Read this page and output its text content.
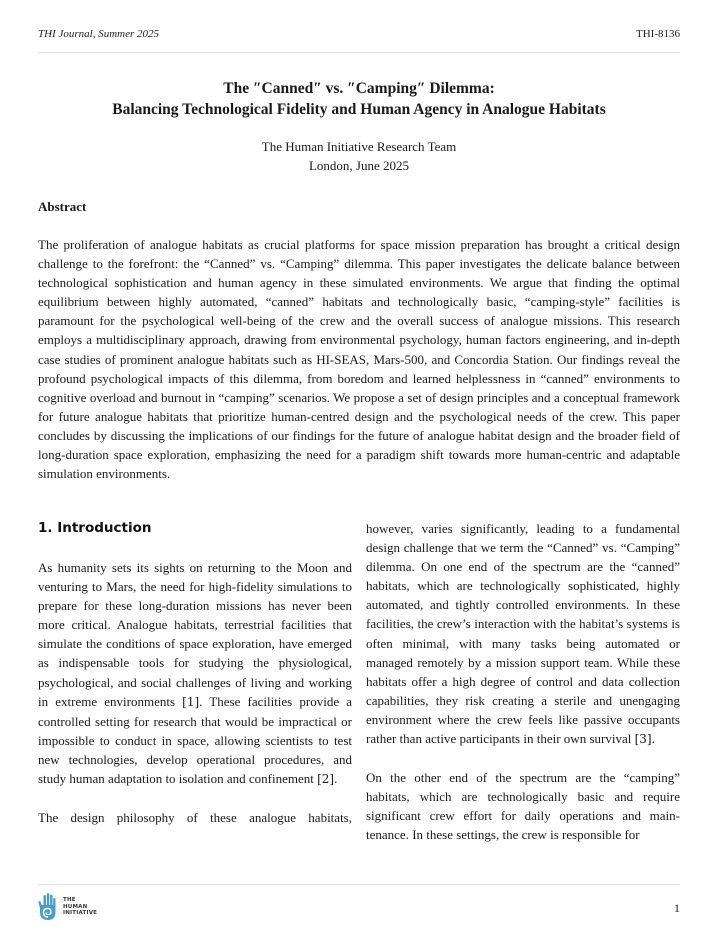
THI Journal, Summer 2025	THI-8136
The ″Canned″ vs. ″Camping″ Dilemma:
Balancing Technological Fidelity and Human Agency in Analogue Habitats
The Human Initiative Research Team
London, June 2025
Abstract
The proliferation of analogue habitats as crucial platforms for space mission preparation has brought a critical design challenge to the forefront: the “Canned” vs. “Camping” dilemma. This paper investigates the delicate balance between technological sophistication and human agency in these simulated environments. We argue that finding the optimal equilibrium between highly automated, “canned” habitats and technologically basic, “camping-style” facilities is paramount for the psychological well-being of the crew and the overall success of analogue missions. This research employs a multidisciplinary approach, drawing from environmental psychology, human factors engineering, and in-depth case studies of prominent analogue habitats such as HI-SEAS, Mars-500, and Concordia Station. Our findings reveal the profound psychological impacts of this dilemma, from boredom and learned helplessness in “canned” environments to cognitive overload and burnout in “camping” scenarios. We propose a set of design principles and a conceptual framework for future analogue habitats that prioritize human-centred design and the psychological needs of the crew. This paper concludes by discussing the implications of our findings for the future of analogue habitat design and the broader field of long-duration space exploration, emphasizing the need for a paradigm shift towards more human-centric and adaptable simulation environments.
1. Introduction

As humanity sets its sights on returning to the Moon and venturing to Mars, the need for high-fidelity simulations to prepare for these long-duration missions has never been more critical. Analogue habitats, terrestrial facilities that simulate the conditions of space exploration, have emerged as indispensable tools for studying the physiological, psychological, and social challenges of living and working in extreme environments [1]. These facilities provide a controlled setting for research that would be impractical or impossible to conduct in space, allowing scientists to test new technologies, develop operational procedures, and study human adaptation to isolation and confinement [2].

The design philosophy of these analogue habitats,

however, varies significantly, leading to a fundamental design challenge that we term the “Canned” vs. “Camping” dilemma. On one end of the spectrum are the “canned” habitats, which are technologically sophisticated, highly automated, and tightly controlled environments. In these facilities, the crew’s interaction with the habitat’s systems is often minimal, with many tasks being automated or managed remotely by a mission support team. While these habitats offer a high degree of control and data collection capabilities, they risk creating a sterile and unengaging environment where the crew feels like passive occupants rather than active participants in their own survival [3].

On the other end of the spectrum are the “camping” habitats, which are technologically basic and require significant crew effort for daily operations and maintenance. In these settings, the crew is responsible for

THE
HUMAN
INITIATIVE	1
